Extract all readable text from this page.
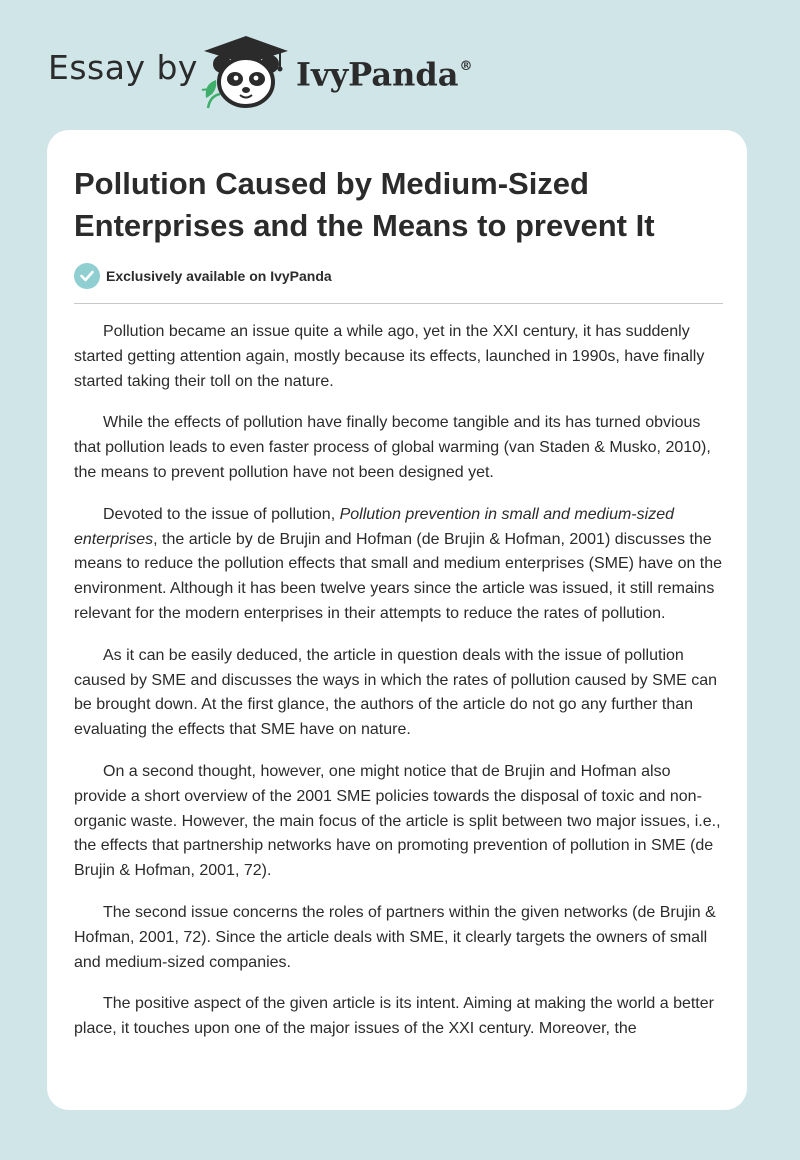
Essay by	IvyPanda®
Pollution Caused by Medium-Sized Enterprises and the Means to prevent It
Exclusively available on IvyPanda

Pollution became an issue quite a while ago, yet in the XXI century, it has suddenly started getting attention again, mostly because its effects, launched in 1990s, have finally started taking their toll on the nature.

While the effects of pollution have finally become tangible and its has turned obvious that pollution leads to even faster process of global warming (van Staden & Musko, 2010), the means to prevent pollution have not been designed yet.

Devoted to the issue of pollution, Pollution prevention in small and medium-sized enterprises, the article by de Brujin and Hofman (de Brujin & Hofman, 2001) discusses the means to reduce the pollution effects that small and medium enterprises (SME) have on the environment. Although it has been twelve years since the article was issued, it still remains relevant for the modern enterprises in their attempts to reduce the rates of pollution.

As it can be easily deduced, the article in question deals with the issue of pollution caused by SME and discusses the ways in which the rates of pollution caused by SME can be brought down. At the first glance, the authors of the article do not go any further than evaluating the effects that SME have on nature.

On a second thought, however, one might notice that de Brujin and Hofman also provide a short overview of the 2001 SME policies towards the disposal of toxic and non-organic waste. However, the main focus of the article is split between two major issues, i.e., the effects that partnership networks have on promoting prevention of pollution in SME (de Brujin & Hofman, 2001, 72).

The second issue concerns the roles of partners within the given networks (de Brujin & Hofman, 2001, 72). Since the article deals with SME, it clearly targets the owners of small and medium-sized companies.

The positive aspect of the given article is its intent. Aiming at making the world a better place, it touches upon one of the major issues of the XXI century. Moreover, the
